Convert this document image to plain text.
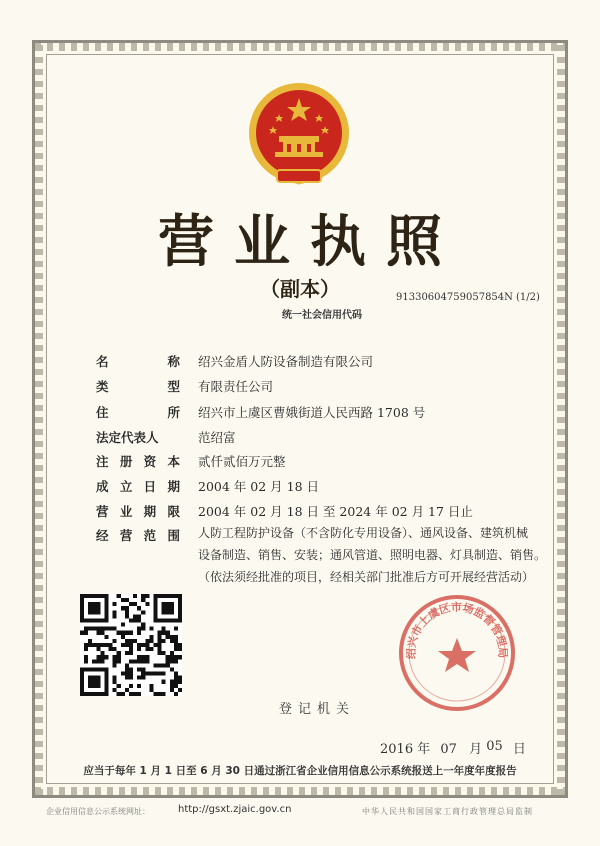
营业执照
（副本）	91330604759057854N (1/2)
统一社会信用代码
名	称 绍兴金盾人防设备制造有限公司
类	型 有限责任公司
住	所 绍兴市上虞区曹娥街道人民西路 1708 号
法定代表人	范绍富
注 册 资 本 贰仟贰佰万元整
成 立 日 期 2004 年 02 月 18 日
营 业 期 限 2004 年 02 月 18 日 至 2024 年 02 月 17 日止
经 营 范 围 人防工程防护设备（不含防化专用设备）、通风设备、建筑机械
设备制造、销售、安装；通风管道、照明电器、灯具制造、销售。
（依法须经批准的项目，经相关部门批准后方可开展经营活动）
绍兴市上虞区市场监督管理局
登记机关
2016 年 07 月 05 日
应当于每年 1 月 1 日至 6 月 30 日通过浙江省企业信用信息公示系统报送上一年度年度报告
企业信用信息公示系统网址：	http://gsxt.zjaic.gov.cn	中华人民共和国国家工商行政管理总局监制
